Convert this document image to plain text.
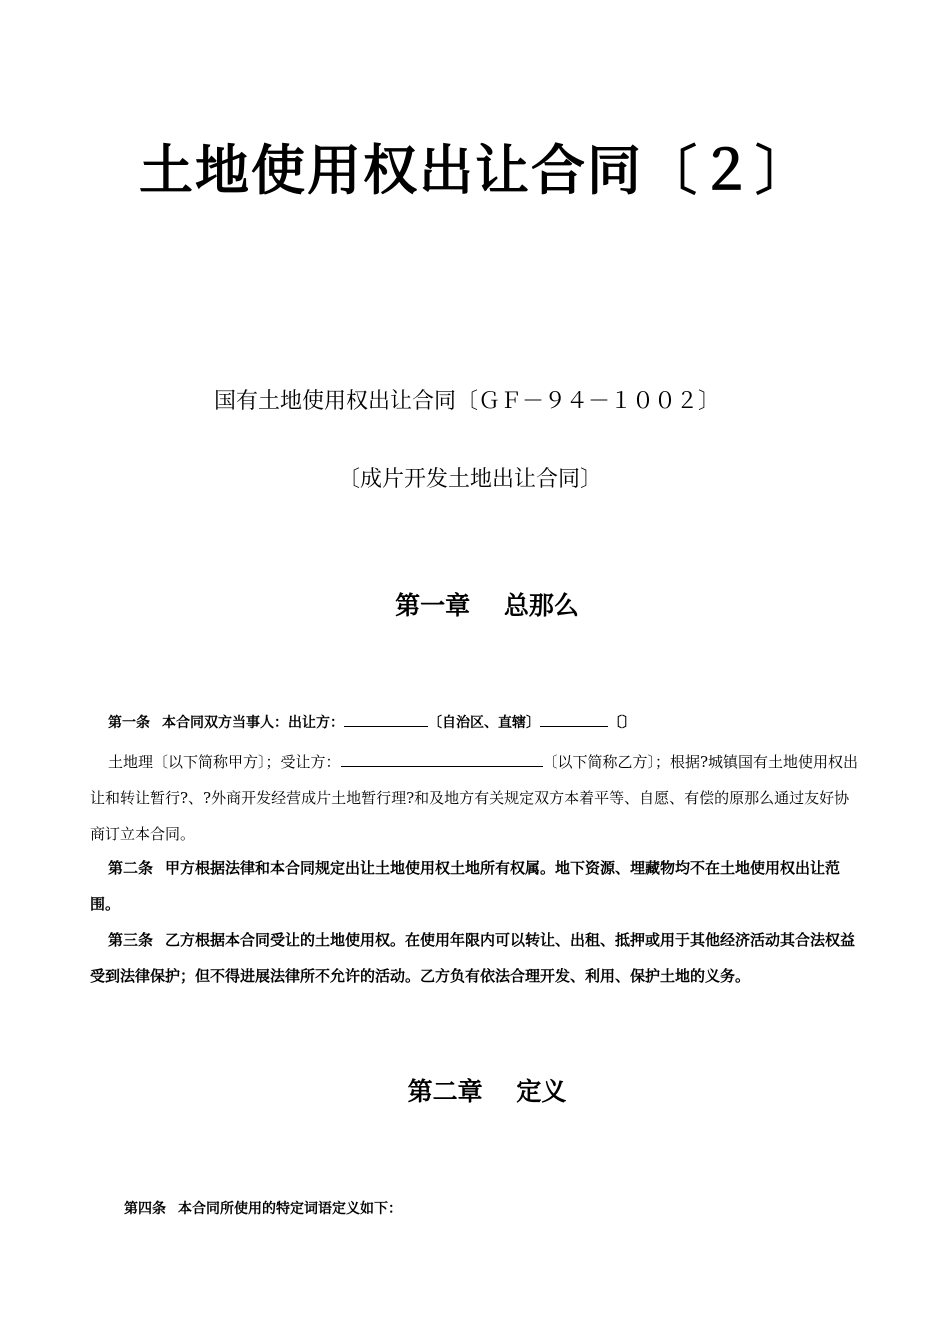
土地使用权出让合同〔２〕

国有土地使用权出让合同〔ＧＦ－９４－１００２〕

〔成片开发土地出让合同〕

第一章　 总那么

第一条 本合同双方当事人：出让方：	〔自治区、直辖〕	〔〕

土地理〔以下简称甲方〕；受让方：	〔以下简称乙方〕；根据?城镇国有土地使用权出让和转让暂行?、?外商开发经营成片土地暂行理?和及地方有关规定双方本着平等、自愿、有偿的原那么通过友好协商订立本合同。

第二条 甲方根据法律和本合同规定出让土地使用权土地所有权属。地下资源、埋藏物均不在土地使用权出让范围。

第三条 乙方根据本合同受让的土地使用权。在使用年限内可以转让、出租、抵押或用于其他经济活动其合法权益受到法律保护；但不得进展法律所不允许的活动。乙方负有依法合理开发、利用、保护土地的义务。

第二章　 定义

第四条 本合同所使用的特定词语定义如下：
